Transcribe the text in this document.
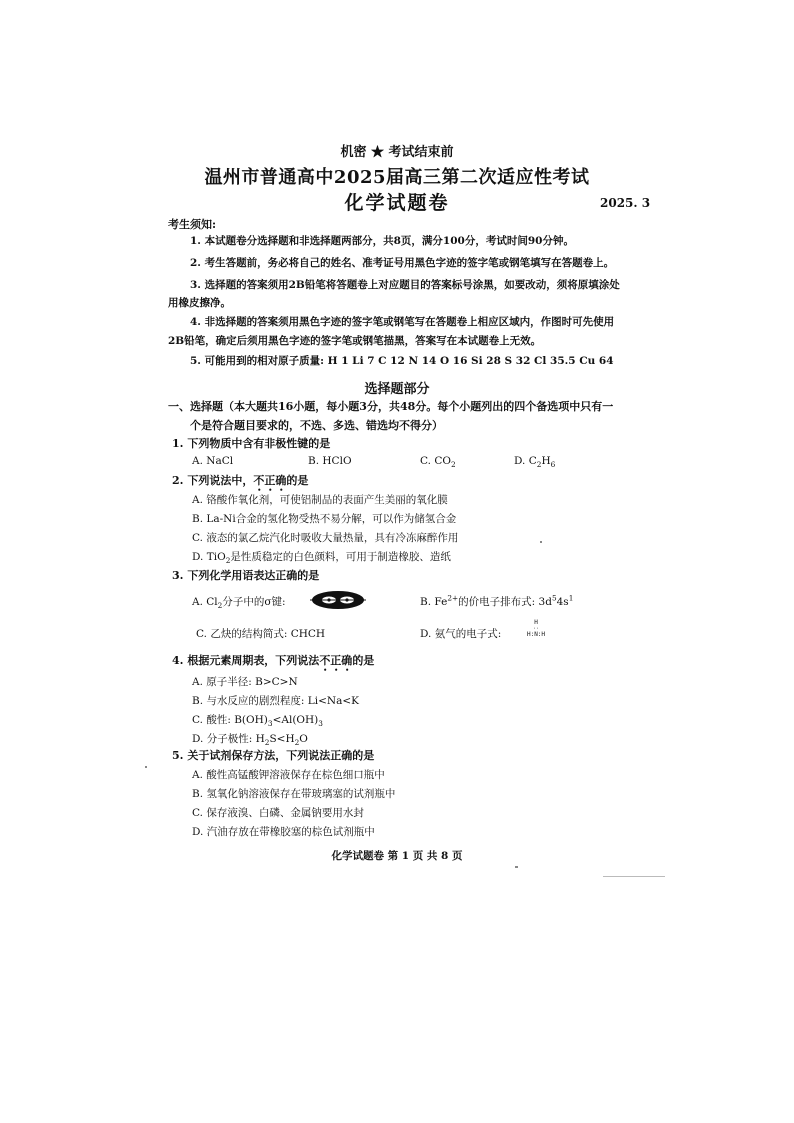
机密 ★ 考试结束前
温州市普通高中2025届高三第二次适应性考试
化学试题卷	2025. 3
考生须知:
1. 本试题卷分选择题和非选择题两部分，共8页，满分100分，考试时间90分钟。
2. 考生答题前，务必将自己的姓名、准考证号用黑色字迹的签字笔或钢笔填写在答题卷上。
3. 选择题的答案须用2B铅笔将答题卷上对应题目的答案标号涂黑，如要改动，须将原填涂处
用橡皮擦净。
4. 非选择题的答案须用黑色字迹的签字笔或钢笔写在答题卷上相应区域内，作图时可先使用
2B铅笔，确定后须用黑色字迹的签字笔或钢笔描黑，答案写在本试题卷上无效。
5. 可能用到的相对原子质量: H 1 Li 7 C 12 N 14 O 16 Si 28 S 32 Cl 35.5 Cu 64
选择题部分
一、选择题（本大题共16小题，每小题3分，共48分。每个小题列出的四个备选项中只有一
个是符合题目要求的，不选、多选、错选均不得分）
1. 下列物质中含有非极性键的是
A. NaCl	B. HClO	C. $CO_2$	D. $C_2H_6$
2. 下列说法中，不正确的是
A. 铬酸作氧化剂，可使铝制品的表面产生美丽的氧化膜
B. La-Ni合金的氢化物受热不易分解，可以作为储氢合金
C. 液态的氯乙烷汽化时吸收大量热量，具有冷冻麻醉作用
D. TiO$_2$是性质稳定的白色颜料，可用于制造橡胶、造纸
3. 下列化学用语表达正确的是
A. $Cl_2$分子中的σ键:	B. $Fe^{2+}$的价电子排布式: $3d^54s^1$
C. 乙炔的结构简式: CHCH	D. 氨气的电子式:
H
··
H:N:H
4. 根据元素周期表，下列说法不正确的是
A. 原子半径: B>C>N
B. 与水反应的剧烈程度: Li<Na<K
C. 酸性: $B(OH)_3<Al(OH)_3$
D. 分子极性: $H_2S<H_2O$
5. 关于试剂保存方法，下列说法正确的是
A. 酸性高锰酸钾溶液保存在棕色细口瓶中
B. 氢氧化钠溶液保存在带玻璃塞的试剂瓶中
C. 保存液溴、白磷、金属钠要用水封
D. 汽油存放在带橡胶塞的棕色试剂瓶中
化学试题卷 第 1 页 共 8 页
